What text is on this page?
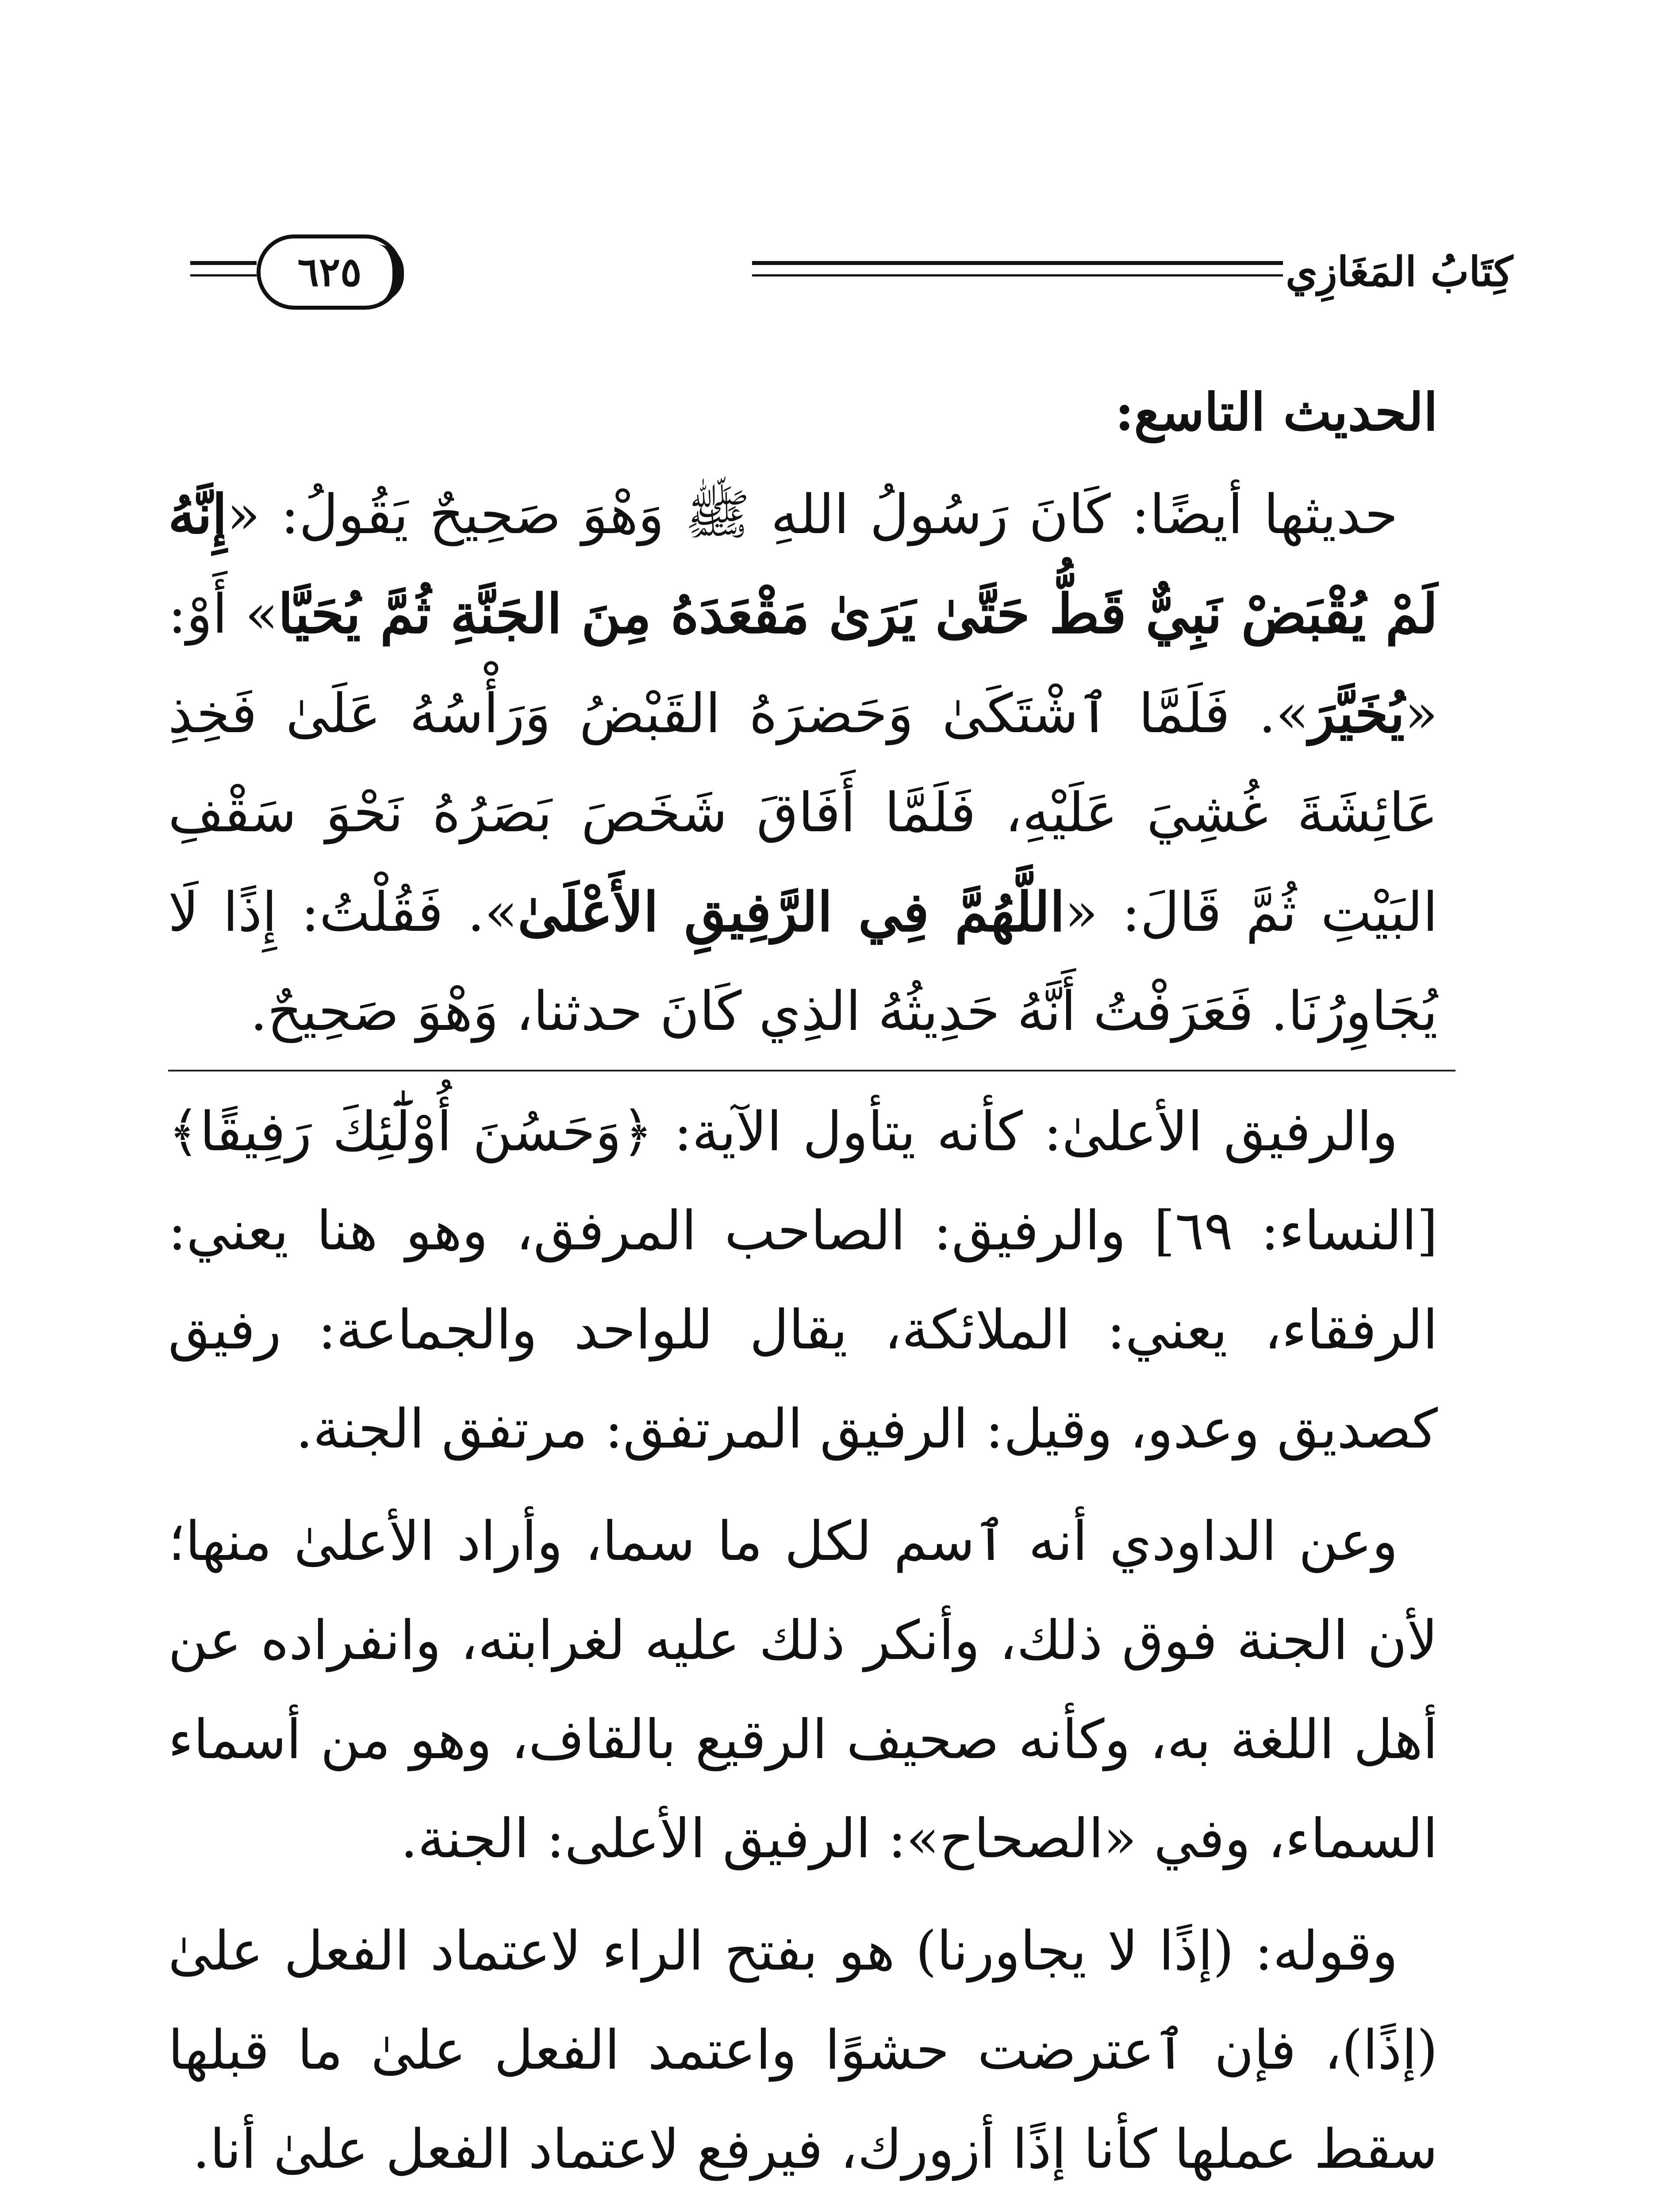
كِتَابُ المَغَازِي
٦٢٥

الحديث التاسع:

حديثها أيضًا: كَانَ رَسُولُ اللهِ ﷺ وَهْوَ صَحِيحٌ يَقُولُ: «إِنَّهُ لَمْ يُقْبَضْ نَبِيٌّ قَطُّ حَتَّىٰ يَرَىٰ مَقْعَدَهُ مِنَ الجَنَّةِ ثُمَّ يُحَيَّا» أَوْ: «يُخَيَّرَ». فَلَمَّا ٱشْتَكَىٰ وَحَضرَهُ القَبْضُ وَرَأْسُهُ عَلَىٰ فَخِذِ عَائِشَةَ غُشِيَ عَلَيْهِ، فَلَمَّا أَفَاقَ شَخَصَ بَصَرُهُ نَحْوَ سَقْفِ البَيْتِ ثُمَّ قَالَ: «اللَّهُمَّ فِي الرَّفِيقِ الأَعْلَىٰ». فَقُلْتُ: إِذًا لَا يُجَاوِرُنَا. فَعَرَفْتُ أَنَّهُ حَدِيثُهُ الذِي كَانَ حدثنا، وَهْوَ صَحِيحٌ.

والرفيق الأعلىٰ: كأنه يتأول الآية: ﴿وَحَسُنَ أُوْلَٰٓئِكَ رَفِيقًا﴾ [النساء: ٦٩] والرفيق: الصاحب المرفق، وهو هنا يعني: الرفقاء، يعني: الملائكة، يقال للواحد والجماعة: رفيق كصديق وعدو، وقيل: الرفيق المرتفق: مرتفق الجنة.

وعن الداودي أنه ٱسم لكل ما سما، وأراد الأعلىٰ منها؛ لأن الجنة فوق ذلك، وأنكر ذلك عليه لغرابته، وانفراده عن أهل اللغة به، وكأنه صحيف الرقيع بالقاف، وهو من أسماء السماء، وفي «الصحاح»: الرفيق الأعلى: الجنة.

وقوله: (إذًا لا يجاورنا) هو بفتح الراء لاعتماد الفعل علىٰ (إذًا)، فإن ٱعترضت حشوًا واعتمد الفعل علىٰ ما قبلها سقط عملها كأنا إذًا أزورك، فيرفع لاعتماد الفعل علىٰ أنا.
